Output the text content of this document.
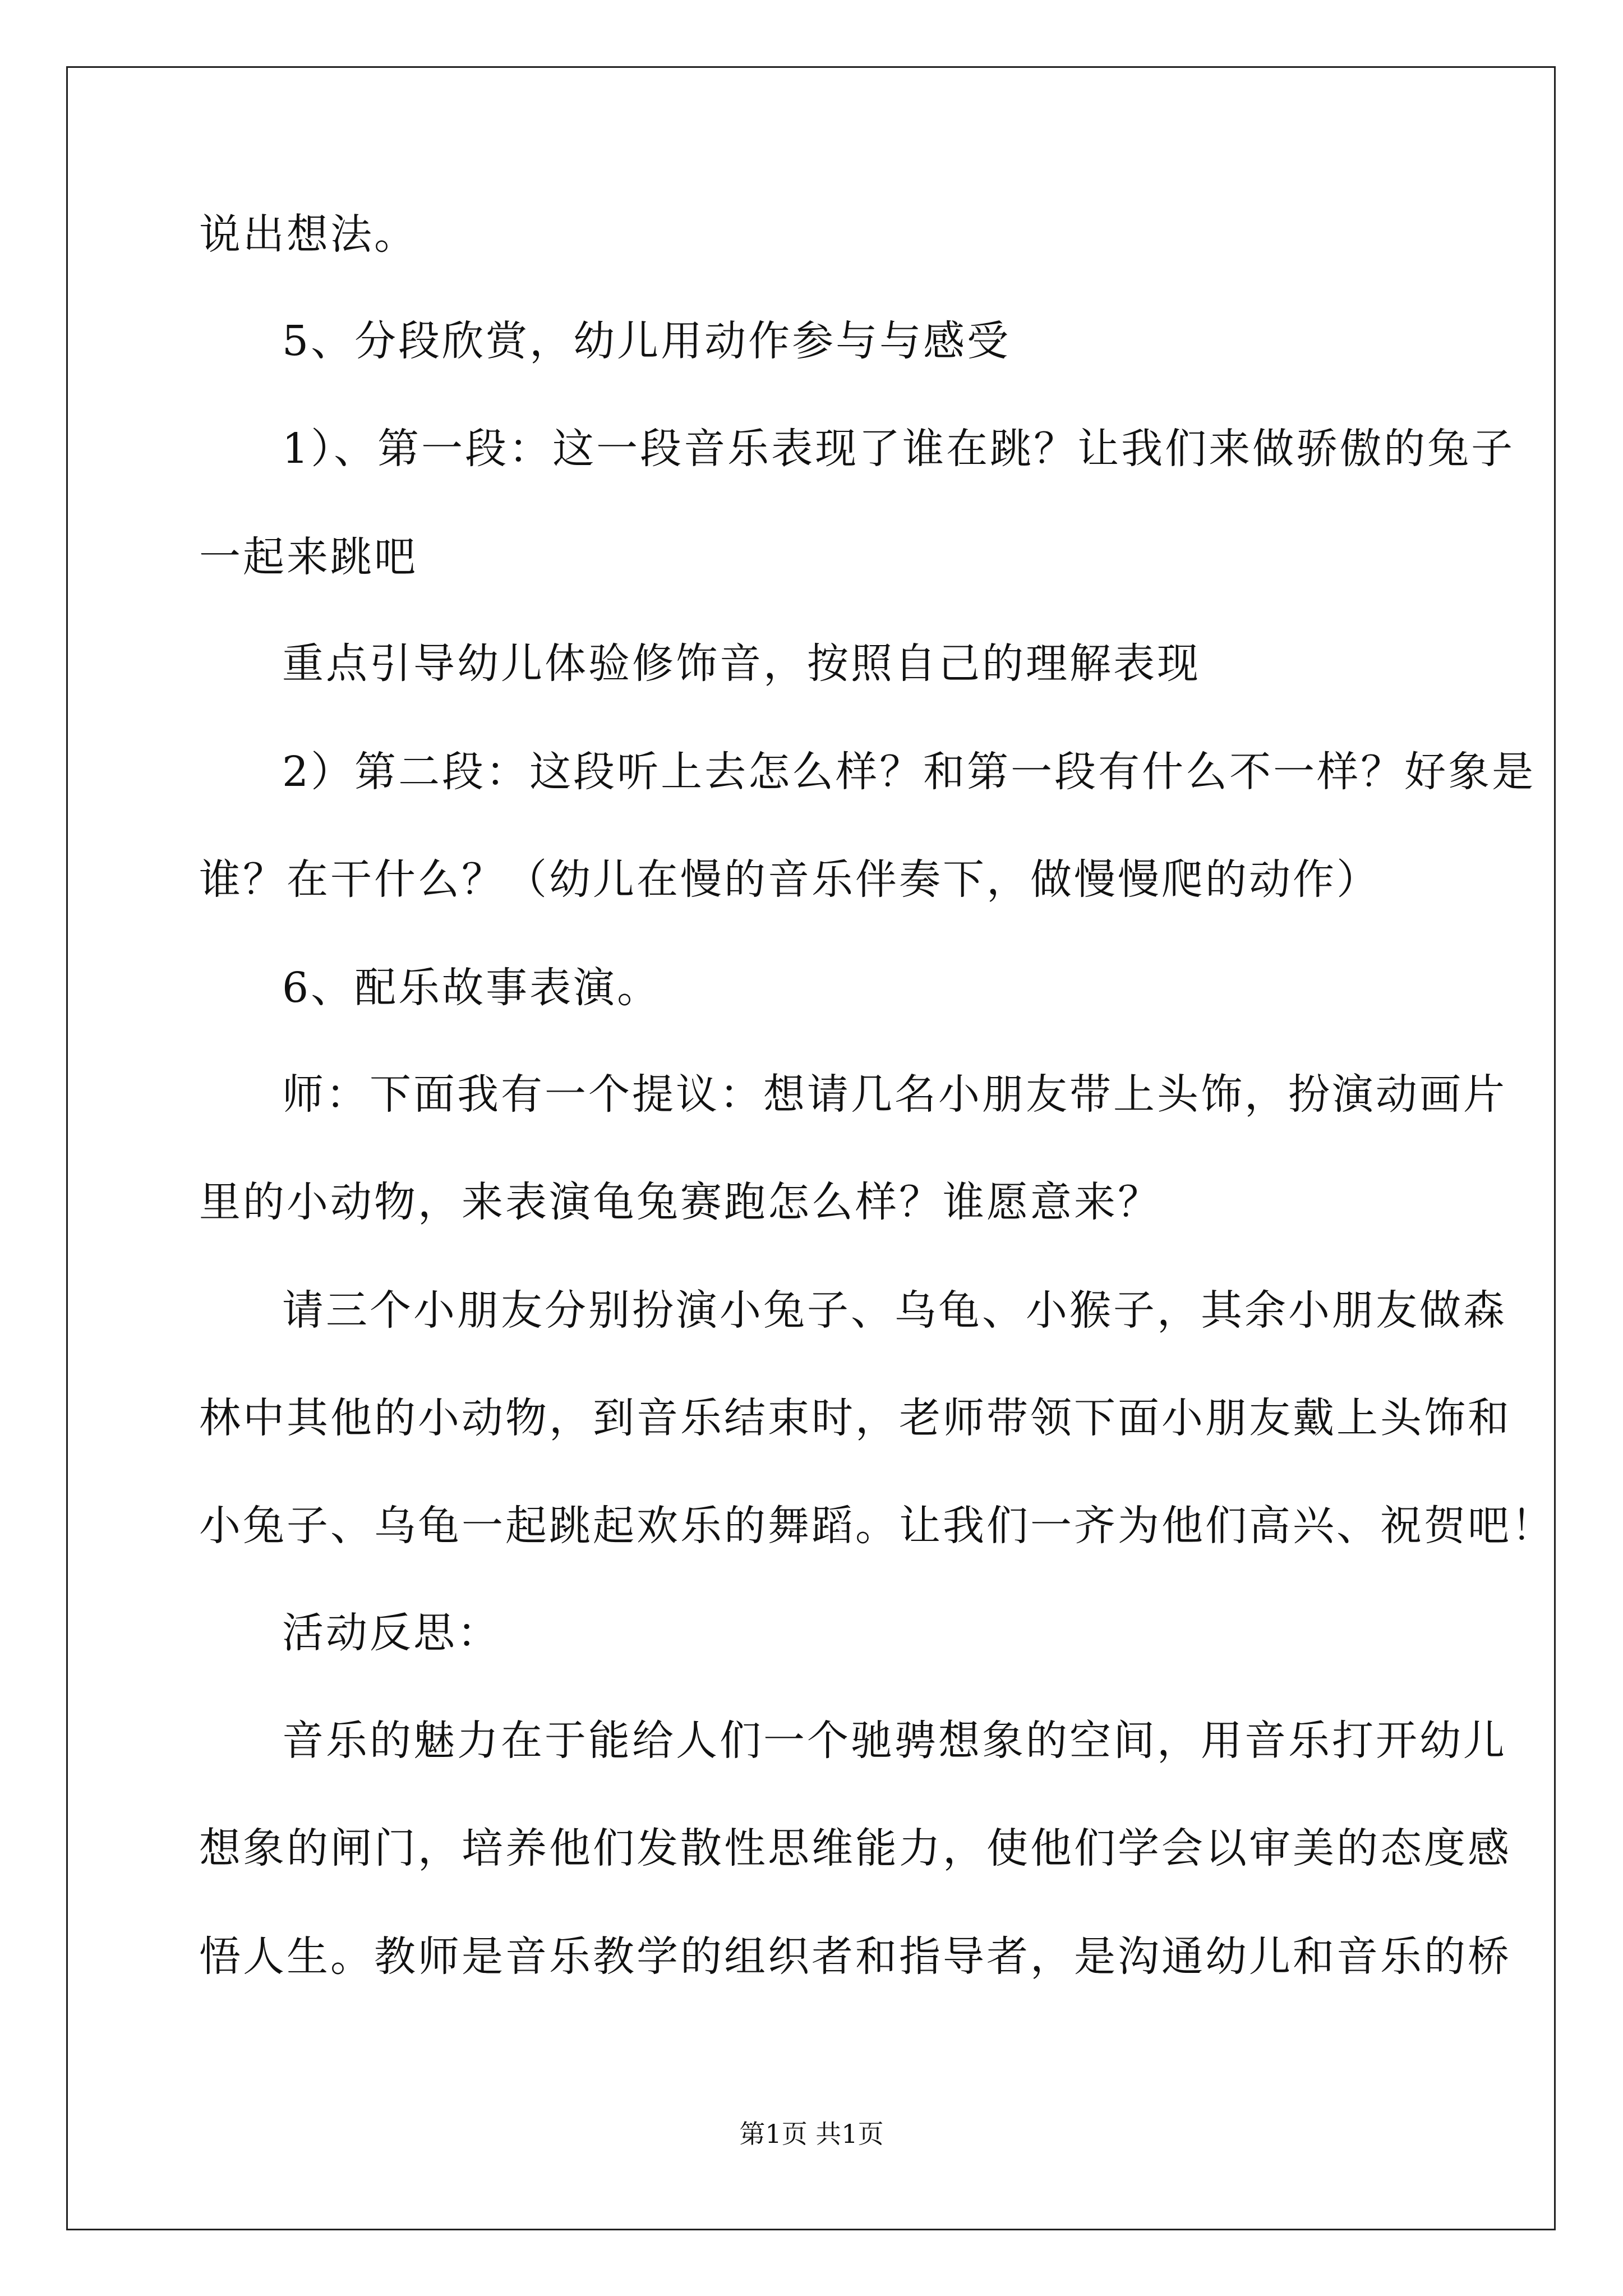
说出想法。
5、分段欣赏，幼儿用动作参与与感受
1）、第一段：这一段音乐表现了谁在跳？让我们来做骄傲的兔子
一起来跳吧
重点引导幼儿体验修饰音，按照自己的理解表现
2）第二段：这段听上去怎么样？和第一段有什么不一样？好象是
谁？在干什么？（幼儿在慢的音乐伴奏下，做慢慢爬的动作）
6、配乐故事表演。
师：下面我有一个提议：想请几名小朋友带上头饰，扮演动画片
里的小动物，来表演龟兔赛跑怎么样？谁愿意来？
请三个小朋友分别扮演小兔子、乌龟、小猴子，其余小朋友做森
林中其他的小动物，到音乐结束时，老师带领下面小朋友戴上头饰和
小兔子、乌龟一起跳起欢乐的舞蹈。让我们一齐为他们高兴、祝贺吧！
活动反思：
音乐的魅力在于能给人们一个驰骋想象的空间，用音乐打开幼儿
想象的闸门，培养他们发散性思维能力，使他们学会以审美的态度感
悟人生。教师是音乐教学的组织者和指导者，是沟通幼儿和音乐的桥
第1页 共1页
